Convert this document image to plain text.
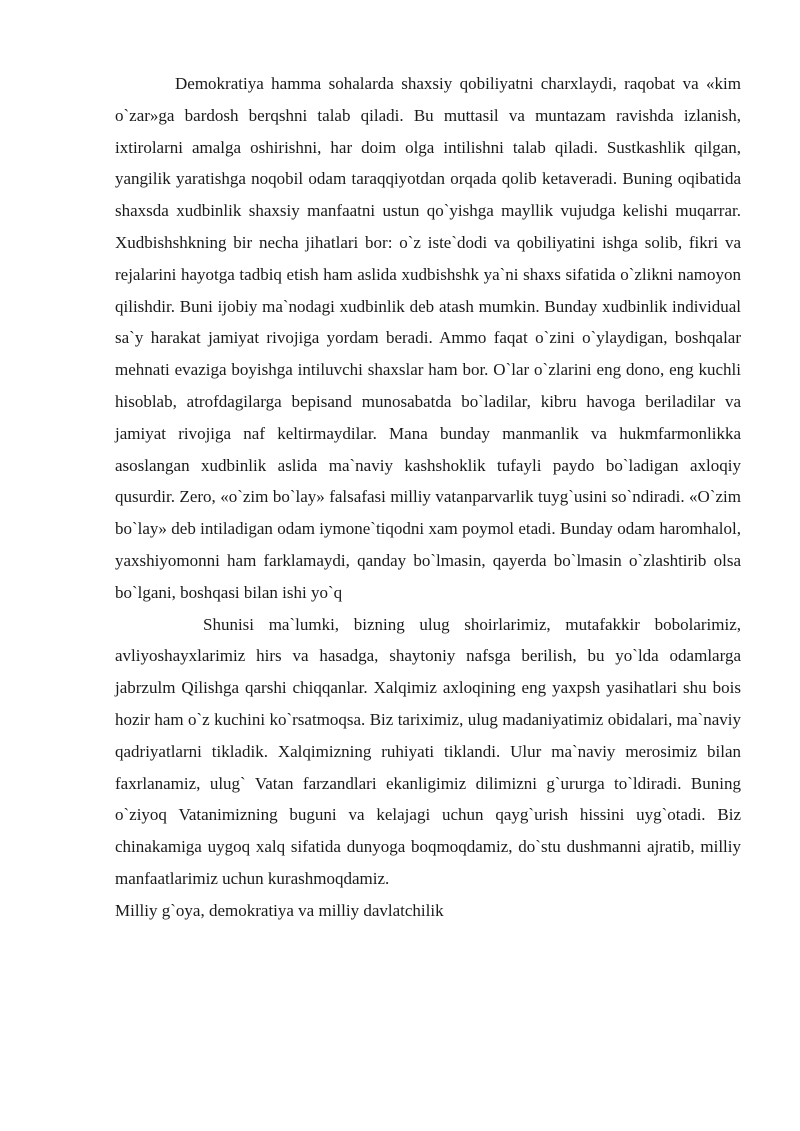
Demokratiya hamma sohalarda shaxsiy qobiliyatni charxlaydi, raqobat va «kim o`zar»ga bardosh berqshni talab qiladi. Bu muttasil va muntazam ravishda izlanish, ixtirolarni amalga oshirishni, har doim olga intilishni talab qiladi. Sustkashlik qilgan, yangilik yaratishga noqobil odam taraqqiyotdan orqada qolib ketaveradi. Buning oqibatida shaxsda xudbinlik shaxsiy manfaatni ustun qo`yishga mayllik vujudga kelishi muqarrar. Xudbishshkning bir necha jihatlari bor: o`z iste`dodi va qobiliyatini ishga solib, fikri va rejalarini hayotga tadbiq etish ham aslida xudbishshk ya`ni shaxs sifatida o`zlikni namoyon qilishdir. Buni ijobiy ma`nodagi xudbinlik deb atash mumkin. Bunday xudbinlik individual sa`y harakat jamiyat rivojiga yordam beradi. Ammo faqat o`zini o`ylaydigan, boshqalar mehnati evaziga boyishga intiluvchi shaxslar ham bor. O`lar o`zlarini eng dono, eng kuchli hisoblab, atrofdagilarga bepisand munosabatda bo`ladilar, kibru havoga beriladilar va jamiyat rivojiga naf keltirmaydilar. Mana bunday manmanlik va hukmfarmonlikka asoslangan xudbinlik aslida ma`naviy kashshoklik tufayli paydo bo`ladigan axloqiy qusurdir. Zero, «o`zim bo`lay» falsafasi milliy vatanparvarlik tuyg`usini so`ndiradi. «O`zim bo`lay» deb intiladigan odam iymone`tiqodni xam poymol etadi. Bunday odam haromhalol, yaxshiyomonni ham farklamaydi, qanday bo`lmasin, qayerda bo`lmasin o`zlashtirib olsa bo`lgani, boshqasi bilan ishi yo`q

Shunisi ma`lumki, bizning ulug shoirlarimiz, mutafakkir bobolarimiz, avliyoshayxlarimiz hirs va hasadga, shaytoniy nafsga berilish, bu yo`lda odamlarga jabrzulm Qilishga qarshi chiqqanlar. Xalqimiz axloqining eng yaxpsh yasihatlari shu bois hozir ham o`z kuchini ko`rsatmoqsa. Biz tariximiz, ulug madaniyatimiz obidalari, ma`naviy qadriyatlarni tikladik. Xalqimizning ruhiyati tiklandi. Ulur ma`naviy merosimiz bilan faxrlanamiz, ulug` Vatan farzandlari ekanligimiz dilimizni g`ururga to`ldiradi. Buning o`ziyoq Vatanimizning buguni va kelajagi uchun qayg`urish hissini uyg`otadi. Biz chinakamiga uygoq xalq sifatida dunyoga boqmoqdamiz, do`stu dushmanni ajratib, milliy manfaatlarimiz uchun kurashmoqdamiz.

Milliy g`oya, demokratiya va milliy davlatchilik
